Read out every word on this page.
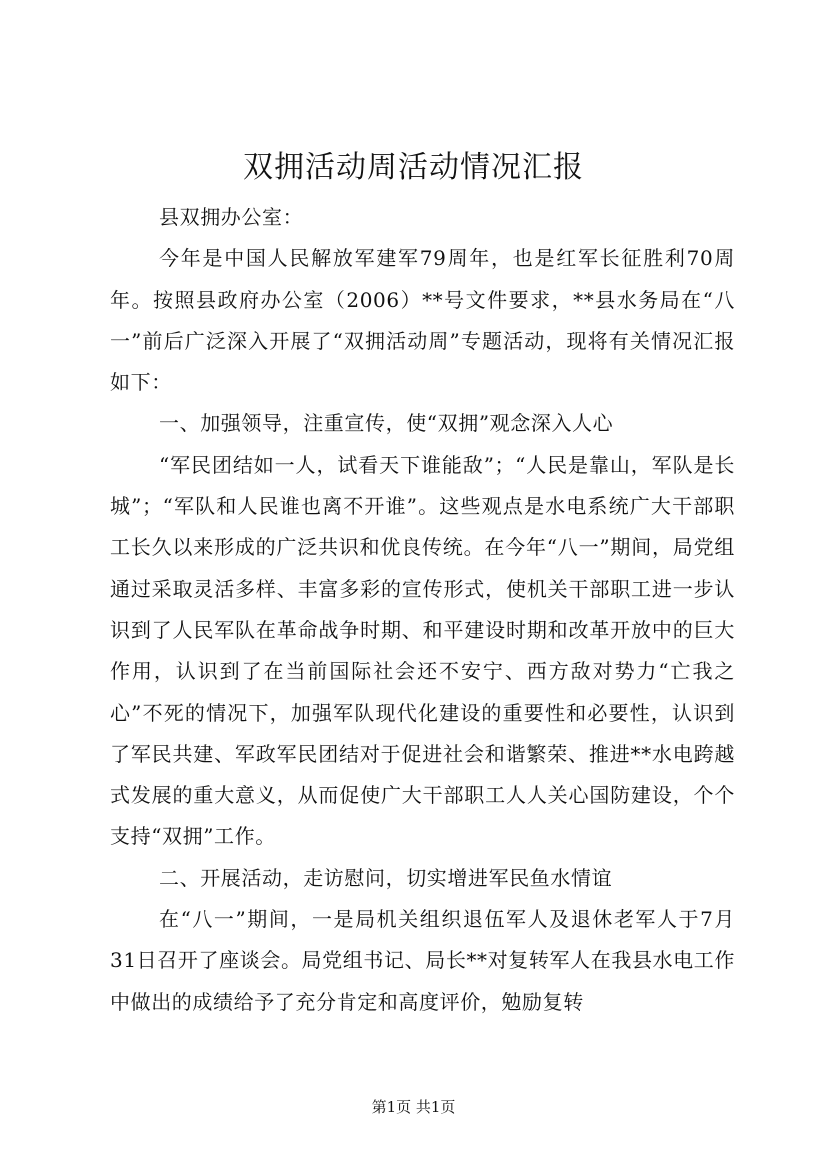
双拥活动周活动情况汇报

县双拥办公室：

今年是中国人民解放军建军79周年，也是红军长征胜利70周年。按照县政府办公室（2006）**号文件要求，**县水务局在“八一”前后广泛深入开展了“双拥活动周”专题活动，现将有关情况汇报如下：

一、加强领导，注重宣传，使“双拥”观念深入人心

“军民团结如一人，试看天下谁能敌”；“人民是靠山，军队是长城”；“军队和人民谁也离不开谁”。这些观点是水电系统广大干部职工长久以来形成的广泛共识和优良传统。在今年“八一”期间，局党组通过采取灵活多样、丰富多彩的宣传形式，使机关干部职工进一步认识到了人民军队在革命战争时期、和平建设时期和改革开放中的巨大作用，认识到了在当前国际社会还不安宁、西方敌对势力“亡我之心”不死的情况下，加强军队现代化建设的重要性和必要性，认识到了军民共建、军政军民团结对于促进社会和谐繁荣、推进**水电跨越式发展的重大意义，从而促使广大干部职工人人关心国防建设，个个支持“双拥”工作。

二、开展活动，走访慰问，切实增进军民鱼水情谊

在“八一”期间，一是局机关组织退伍军人及退休老军人于7月31日召开了座谈会。局党组书记、局长**对复转军人在我县水电工作中做出的成绩给予了充分肯定和高度评价，勉励复转

第1页 共1页
